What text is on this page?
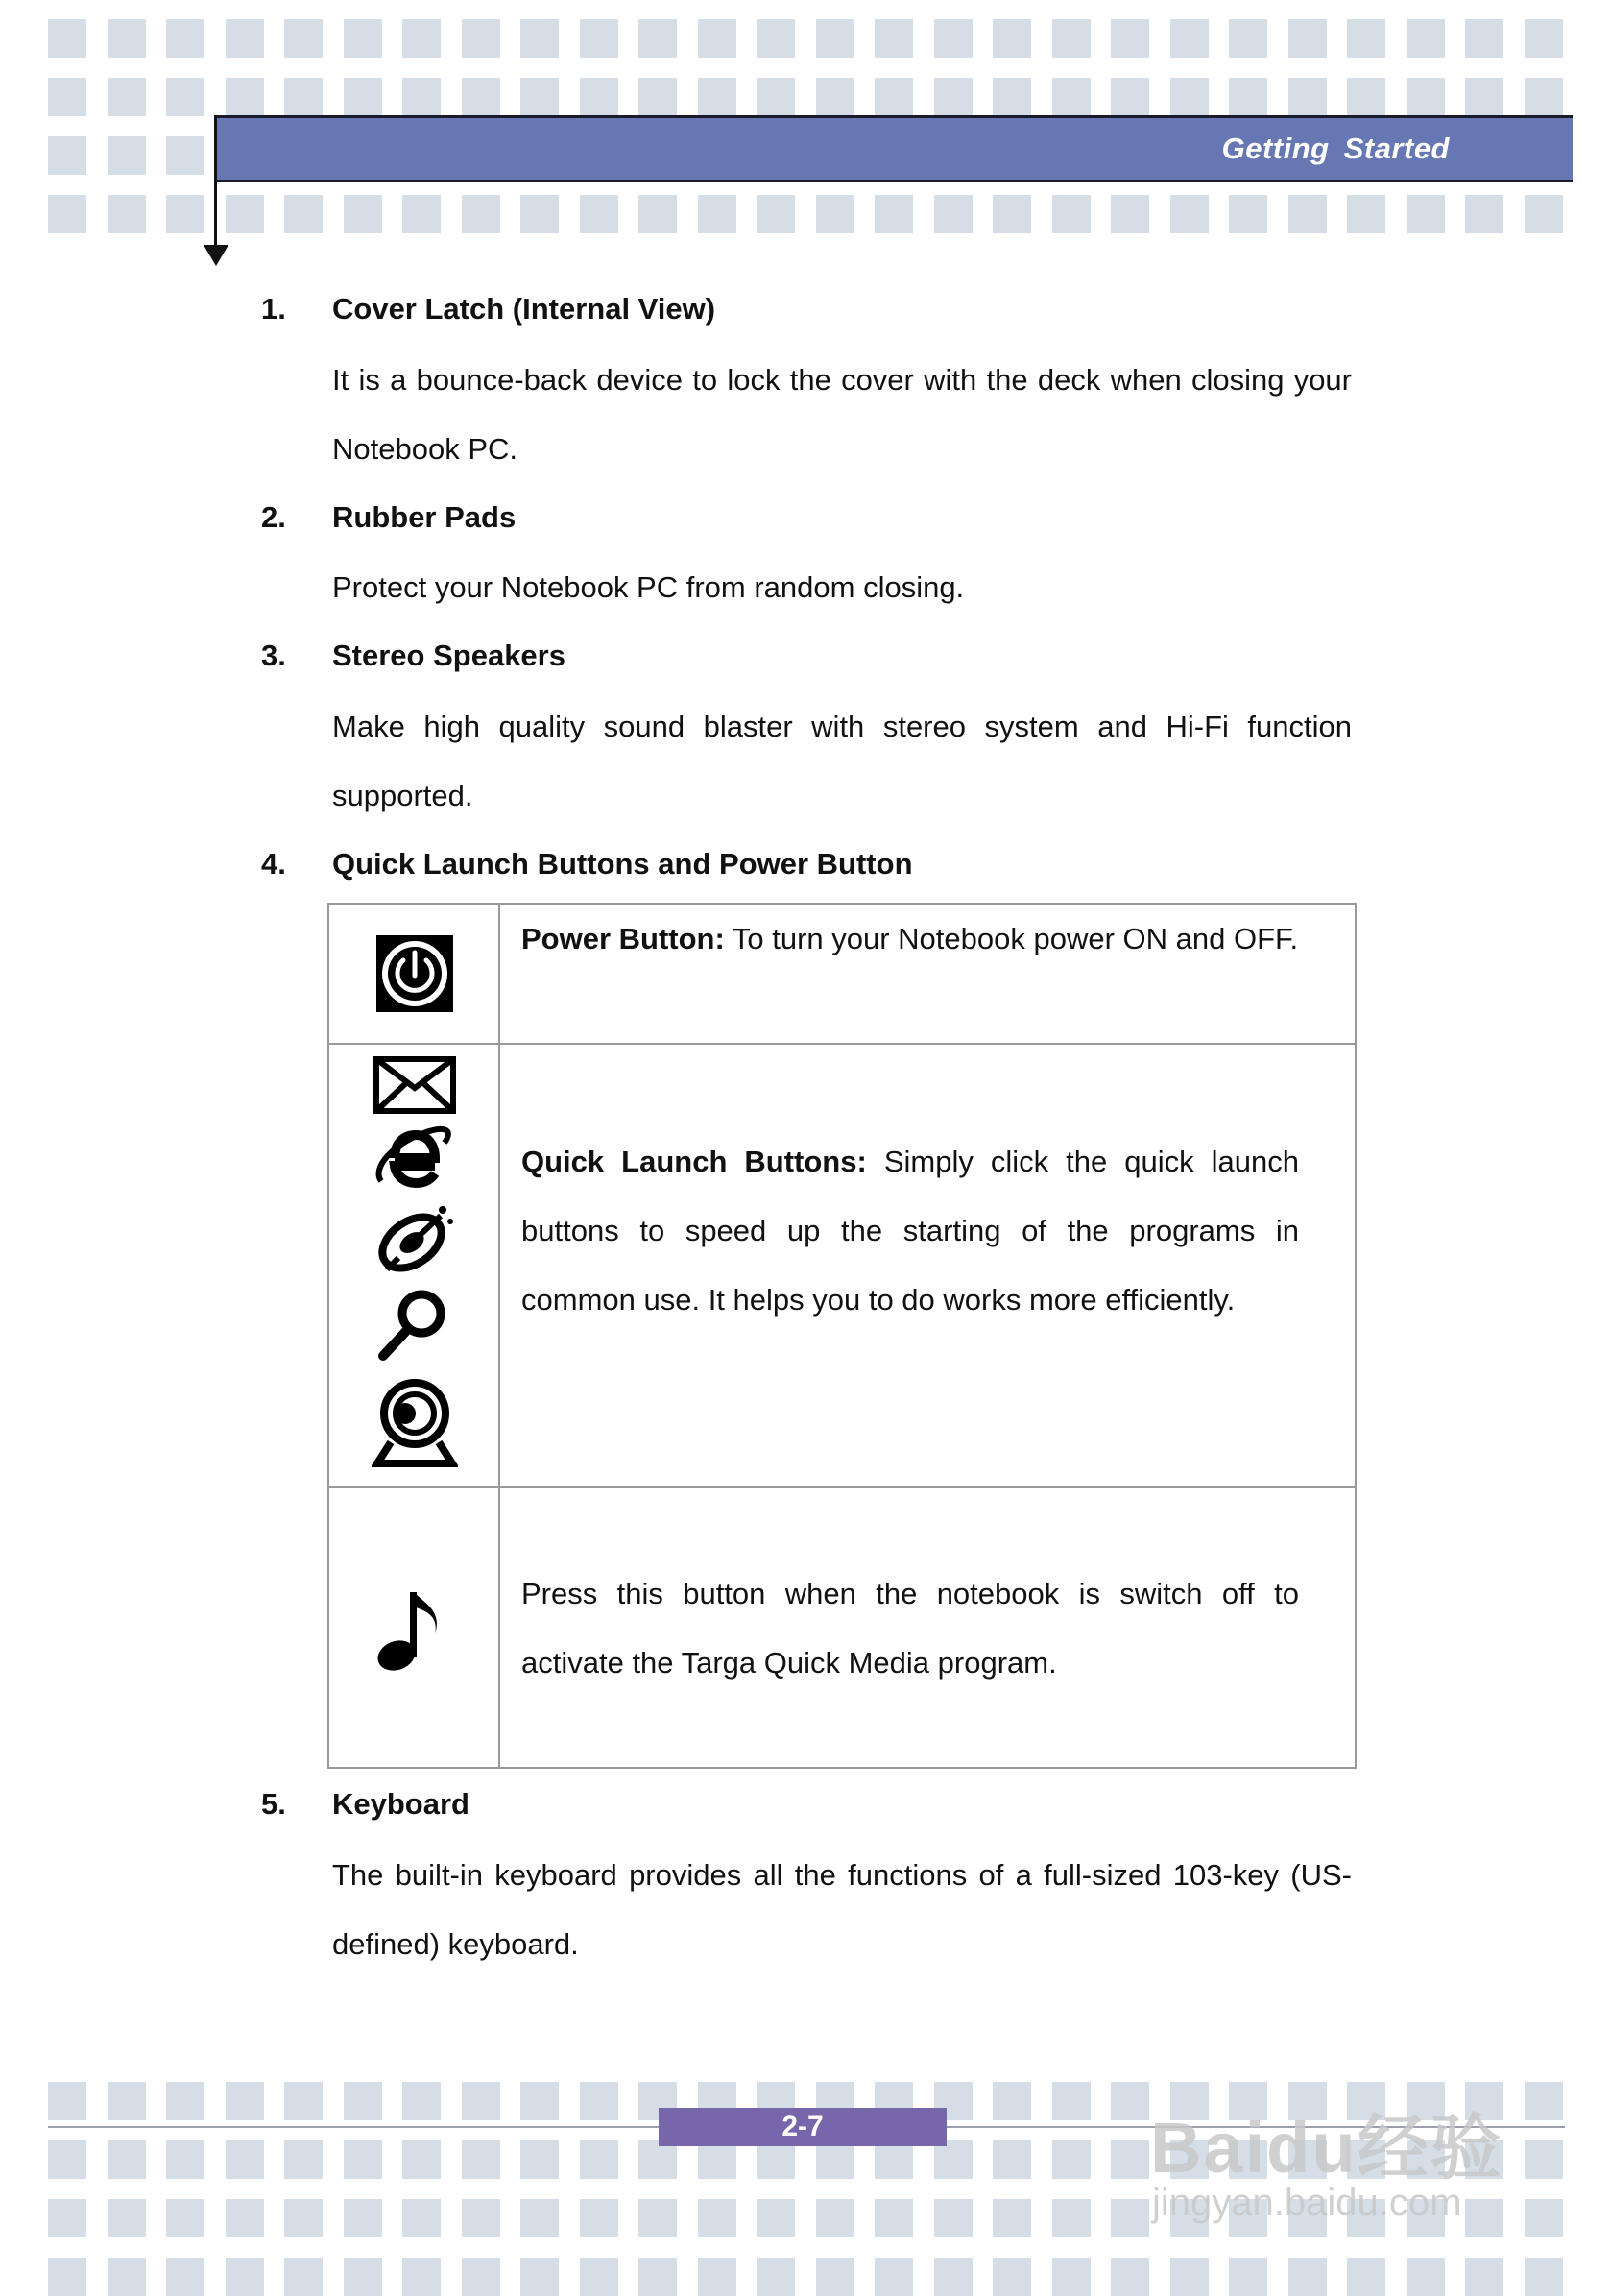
Getting Started
1. Cover Latch (Internal View)
It is a bounce-back device to lock the cover with the deck when closing your Notebook PC.
2. Rubber Pads
Protect your Notebook PC from random closing.
3. Stereo Speakers
Make high quality sound blaster with stereo system and Hi-Fi function supported.
4. Quick Launch Buttons and Power Button
Power Button: To turn your Notebook power ON and OFF.
Quick Launch Buttons: Simply click the quick launch buttons to speed up the starting of the programs in common use. It helps you to do works more efficiently.
Press this button when the notebook is switch off to activate the Targa Quick Media program.
5. Keyboard
The built-in keyboard provides all the functions of a full-sized 103-key (US-defined) keyboard.
2-7	Baidu经验
jingyan.baidu.com
